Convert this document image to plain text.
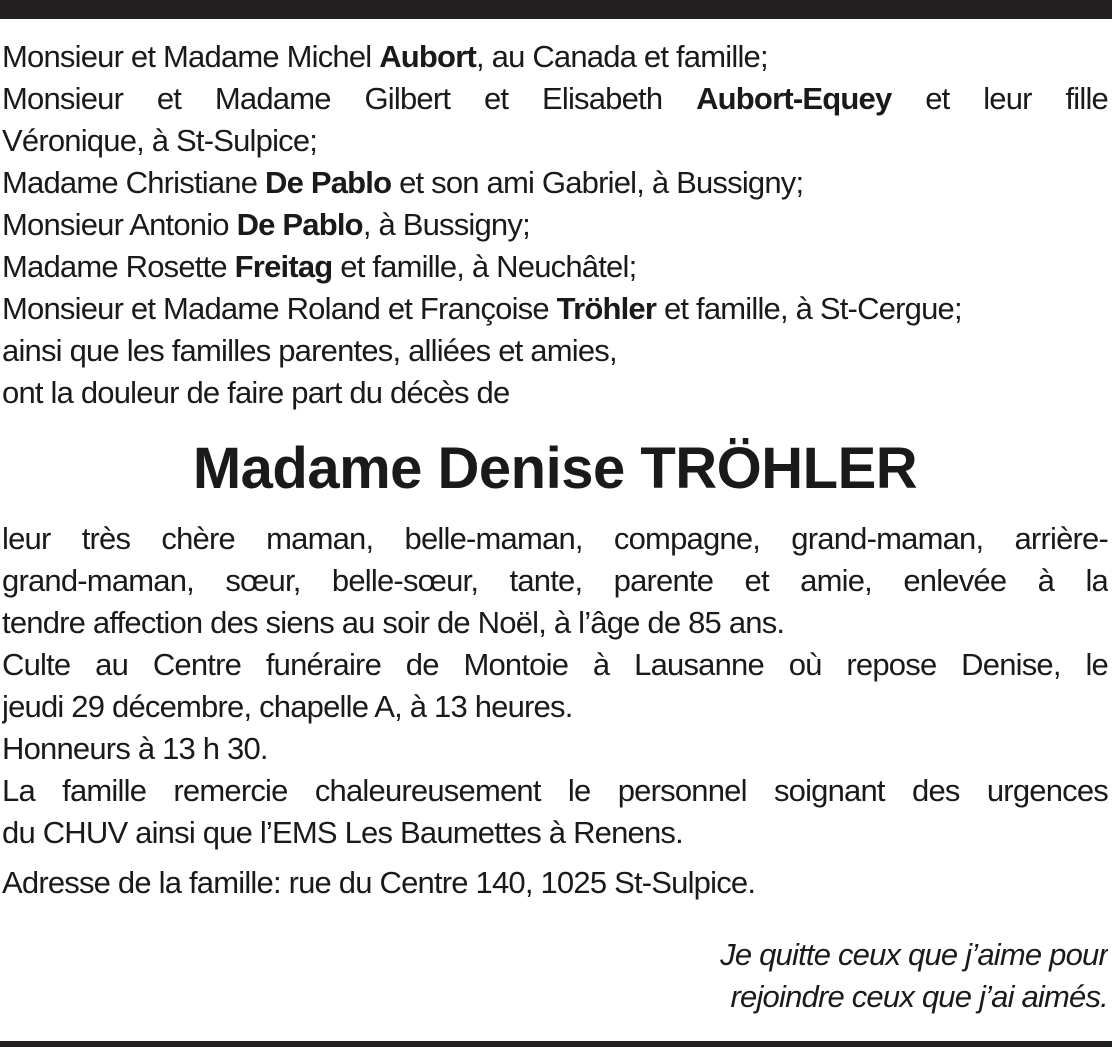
Monsieur et Madame Michel Aubort, au Canada et famille;
Monsieur et Madame Gilbert et Elisabeth Aubort-Equey et leur fille
Véronique, à St-Sulpice;
Madame Christiane De Pablo et son ami Gabriel, à Bussigny;
Monsieur Antonio De Pablo, à Bussigny;
Madame Rosette Freitag et famille, à Neuchâtel;
Monsieur et Madame Roland et Françoise Tröhler et famille, à St-Cergue;
ainsi que les familles parentes, alliées et amies,
ont la douleur de faire part du décès de
Madame Denise TRÖHLER
leur très chère maman, belle-maman, compagne, grand-maman, arrière-
grand-maman, sœur, belle-sœur, tante, parente et amie, enlevée à la
tendre affection des siens au soir de Noël, à l’âge de 85 ans.
Culte au Centre funéraire de Montoie à Lausanne où repose Denise, le
jeudi 29 décembre, chapelle A, à 13 heures.
Honneurs à 13 h 30.
La famille remercie chaleureusement le personnel soignant des urgences
du CHUV ainsi que l’EMS Les Baumettes à Renens.
Adresse de la famille: rue du Centre 140, 1025 St-Sulpice.
Je quitte ceux que j’aime pour
rejoindre ceux que j’ai aimés.
